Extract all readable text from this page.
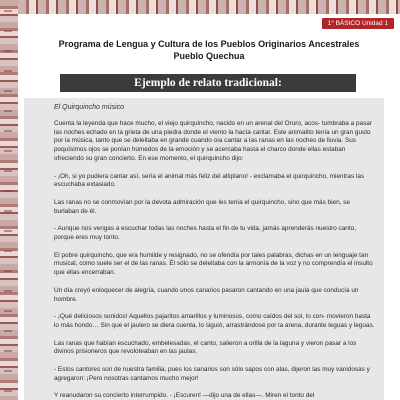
1° BÁSICO Unidad 1
Programa de Lengua y Cultura de los Pueblos Originarios Ancestrales
Pueblo Quechua
Ejemplo de relato tradicional:
El Quirquincho músico

Cuenta la leyenda que hace mucho, el viejo quirquincho, nacido en un arenal del Oruro, acos- tumbraba a pasar las noches echado en la grieta de una piedra donde el viento la hacía cantar. Este animalito tenía un gran gusto por la música, tanto que se deleitaba en grande cuando oía cantar a las ranas en las noches de lluvia. Sus poquísimos ojos se ponían húmedos de la emoción y se acercaba hasta el charco donde ellas estaban ofreciendo su gran concierto. En ese momento, el quirquincho dijo:

- ¡Oh, si yo pudiera cantar así, sería el animal más feliz del altiplano! - exclamaba el quirquincho, mientras las escuchaba extasiado.

Las ranas no se conmovían por la devota admiración que les tenía el quirquincho, sino que más bien, se burlaban de él.

- Aunque nos vengas a escuchar todas las noches hasta el fin de tu vida, jamás aprenderás nuestro canto, porque eres muy tonto.

El pobre quirquincho, que era humilde y resignado, no se ofendía por tales palabras, dichas en un lenguaje tan musical, como suele ser el de las ranas. Él sólo se deleitaba con la armonía de la voz y no comprendía el insulto que ellas encerraban.

Un día creyó enloquecer de alegría, cuando unos canarios pasaron cantando en una jaula que conducía un hombre.

- ¡Qué deliciosos sonidos! Aquellos pajaritos amarillos y luminosos, como caídos del sol, lo con- movieron hasta lo más hondo… Sin que el jaulero se diera cuenta, lo siguió, arrastrándose por la arena, durante leguas y leguas.

Las ranas que habían escuchado, embelesadas, el canto, salieron a orilla de la laguna y vieron pasar a los divinos prisioneros que revoloteaban en las jaulas.

- Estos cantores son de nuestra familia, pues los canarios son sólo sapos con alas, dijeron las muy vanidosas y agregaron: ¡Pero nosotras cantamos mucho mejor!

Y reanudaron su concierto interrumpido. - ¡Escuren! —dijo una de ellas—. Miren el tonto del
